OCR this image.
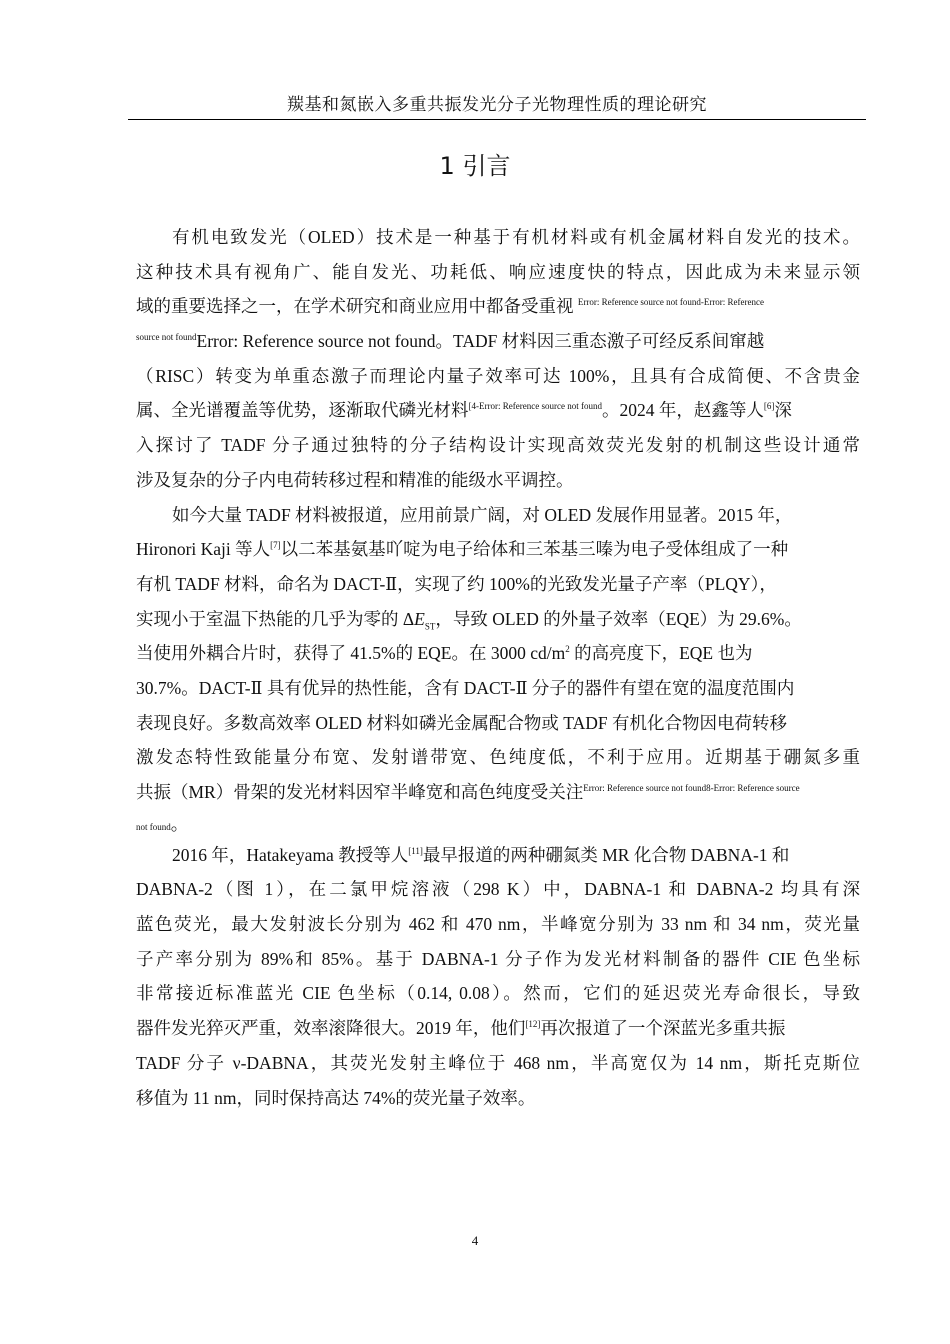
羰基和氮嵌入多重共振发光分子光物理性质的理论研究
1 引言
有机电致发光（OLED）技术是一种基于有机材料或有机金属材料自发光的技术。
这种技术具有视角广、能自发光、功耗低、响应速度快的特点，因此成为未来显示领
域的重要选择之一，在学术研究和商业应用中都备受重视 $^{Error: Reference source not found-Error: Reference}$
$^{source not found}$Error: Reference source not found。TADF 材料因三重态激子可经反系间窜越
（RISC）转变为单重态激子而理论内量子效率可达 100%，且具有合成简便、不含贵金
属、全光谱覆盖等优势，逐渐取代磷光材料$^{[4-Error: Reference source not found}$。2024 年，赵鑫等人[6]深
入探讨了 TADF 分子通过独特的分子结构设计实现高效荧光发射的机制这些设计通常
涉及复杂的分子内电荷转移过程和精准的能级水平调控。
如今大量 TADF 材料被报道，应用前景广阔，对 OLED 发展作用显著。2015 年，
Hironori Kaji 等人[7]以二苯基氨基吖啶为电子给体和三苯基三嗪为电子受体组成了一种
有机 TADF 材料，命名为 DACT-Ⅱ，实现了约 100%的光致发光量子产率（PLQY），
实现小于室温下热能的几乎为零的 $\Delta E_{ST}$，导致 OLED 的外量子效率（EQE）为 29.6%。
当使用外耦合片时，获得了 41.5%的 EQE。在 3000 $cd/m^2$ 的高亮度下，EQE 也为
30.7%。DACT-Ⅱ 具有优异的热性能，含有 DACT-Ⅱ 分子的器件有望在宽的温度范围内
表现良好。多数高效率 OLED 材料如磷光金属配合物或 TADF 有机化合物因电荷转移
激发态特性致能量分布宽、发射谱带宽、色纯度低，不利于应用。近期基于硼氮多重
共振（MR）骨架的发光材料因窄半峰宽和高色纯度受关注$^{Error: Reference source not found8-Error: Reference source}$
not found。
2016 年，Hatakeyama 教授等人[11]最早报道的两种硼氮类 MR 化合物 DABNA-1 和
DABNA-2（图 1），在二氯甲烷溶液（298 K）中，DABNA-1 和 DABNA-2 均具有深
蓝色荧光，最大发射波长分别为 462 和 470 nm，半峰宽分别为 33 nm 和 34 nm，荧光量
子产率分别为 89%和 85%。基于 DABNA-1 分子作为发光材料制备的器件 CIE 色坐标
非常接近标准蓝光 CIE 色坐标（0.14, 0.08）。然而，它们的延迟荧光寿命很长，导致
器件发光猝灭严重，效率滚降很大。2019 年，他们[12]再次报道了一个深蓝光多重共振
TADF 分子 ν-DABNA，其荧光发射主峰位于 468 nm，半高宽仅为 14 nm，斯托克斯位
移值为 11 nm，同时保持高达 74%的荧光量子效率。
4
